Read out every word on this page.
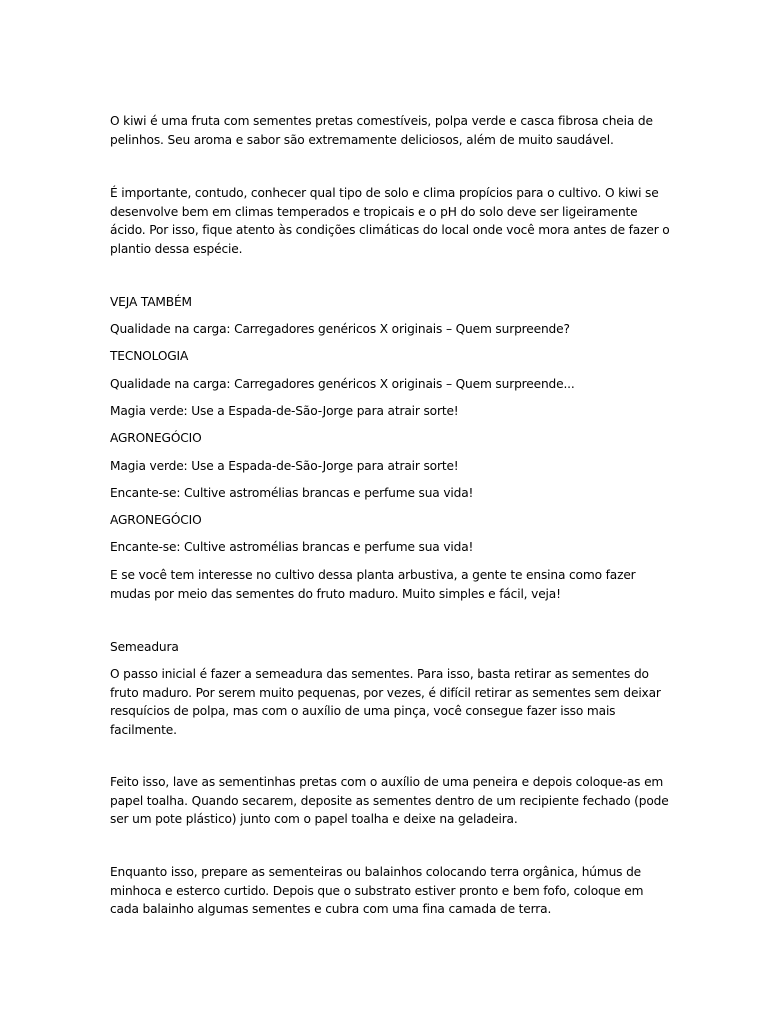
O kiwi é uma fruta com sementes pretas comestíveis, polpa verde e casca fibrosa cheia de pelinhos. Seu aroma e sabor são extremamente deliciosos, além de muito saudável.

É importante, contudo, conhecer qual tipo de solo e clima propícios para o cultivo. O kiwi se desenvolve bem em climas temperados e tropicais e o pH do solo deve ser ligeiramente ácido. Por isso, fique atento às condições climáticas do local onde você mora antes de fazer o plantio dessa espécie.

VEJA TAMBÉM

Qualidade na carga: Carregadores genéricos X originais – Quem surpreende?

TECNOLOGIA

Qualidade na carga: Carregadores genéricos X originais – Quem surpreende...

Magia verde: Use a Espada-de-São-Jorge para atrair sorte!

AGRONEGÓCIO

Magia verde: Use a Espada-de-São-Jorge para atrair sorte!

Encante-se: Cultive astromélias brancas e perfume sua vida!

AGRONEGÓCIO

Encante-se: Cultive astromélias brancas e perfume sua vida!

E se você tem interesse no cultivo dessa planta arbustiva, a gente te ensina como fazer mudas por meio das sementes do fruto maduro. Muito simples e fácil, veja!

Semeadura

O passo inicial é fazer a semeadura das sementes. Para isso, basta retirar as sementes do fruto maduro. Por serem muito pequenas, por vezes, é difícil retirar as sementes sem deixar resquícios de polpa, mas com o auxílio de uma pinça, você consegue fazer isso mais facilmente.

Feito isso, lave as sementinhas pretas com o auxílio de uma peneira e depois coloque-as em papel toalha. Quando secarem, deposite as sementes dentro de um recipiente fechado (pode ser um pote plástico) junto com o papel toalha e deixe na geladeira.

Enquanto isso, prepare as sementeiras ou balainhos colocando terra orgânica, húmus de minhoca e esterco curtido. Depois que o substrato estiver pronto e bem fofo, coloque em cada balainho algumas sementes e cubra com uma fina camada de terra.
